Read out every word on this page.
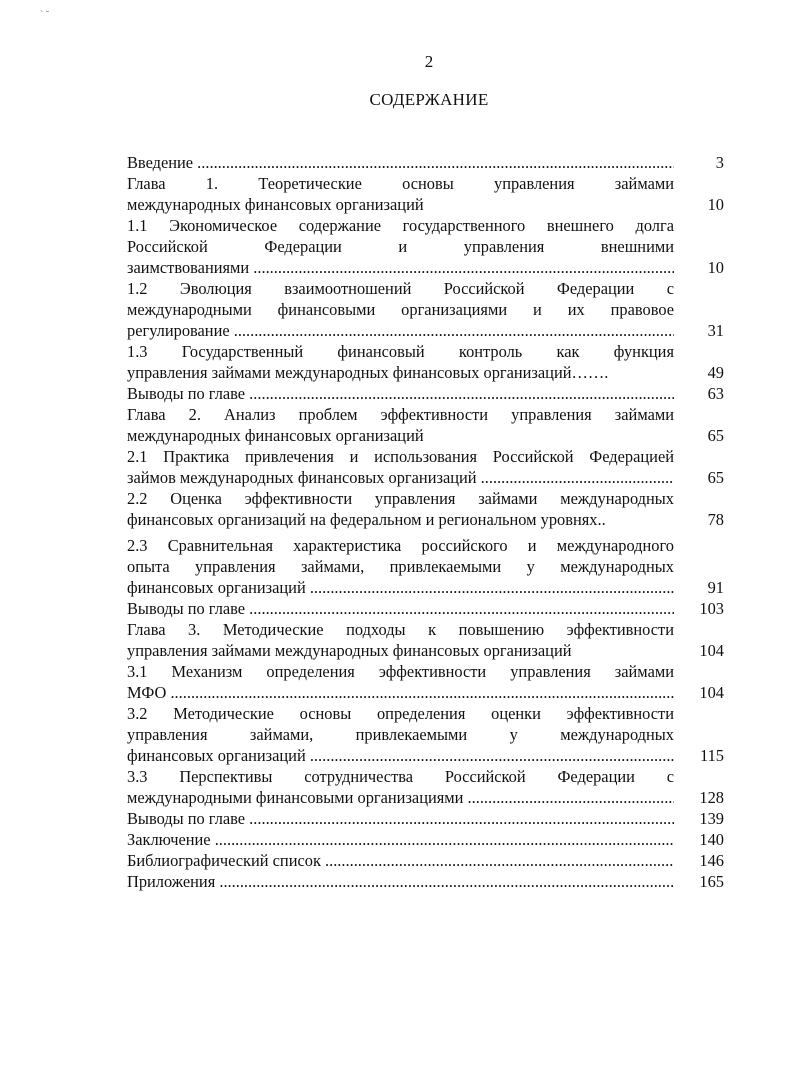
` ˘
2
СОДЕРЖАНИЕ
Введение .....	3
Глава 1. Теоретические основы управления займами
международных финансовых организаций	10
1.1 Экономическое содержание государственного внешнего долга
Российской Федерации и управления внешними
заимствованиями .....	10
1.2 Эволюция взаимоотношений Российской Федерации с
международными финансовыми организациями и их правовое
регулирование .....	31
1.3 Государственный финансовый контроль как функция
управления займами международных финансовых организаций…….	49
Выводы по главе .....	63
Глава 2. Анализ проблем эффективности управления займами
международных финансовых организаций	65
2.1 Практика привлечения и использования Российской Федерацией
займов международных финансовых организаций .....	65
2.2 Оценка эффективности управления займами международных
финансовых организаций на федеральном и региональном уровнях..	78
2.3 Сравнительная характеристика российского и международного
опыта управления займами, привлекаемыми у международных
финансовых организаций .....	91
Выводы по главе .....	103
Глава 3. Методические подходы к повышению эффективности
управления займами международных финансовых организаций	104
3.1 Механизм определения эффективности управления займами
МФО .....	104
3.2 Методические основы определения оценки эффективности
управления займами, привлекаемыми у международных
финансовых организаций .....	115
3.3 Перспективы сотрудничества Российской Федерации с
международными финансовыми организациями .....	128
Выводы по главе .....	139
Заключение .....	140
Библиографический список .....	146
Приложения .....	165
